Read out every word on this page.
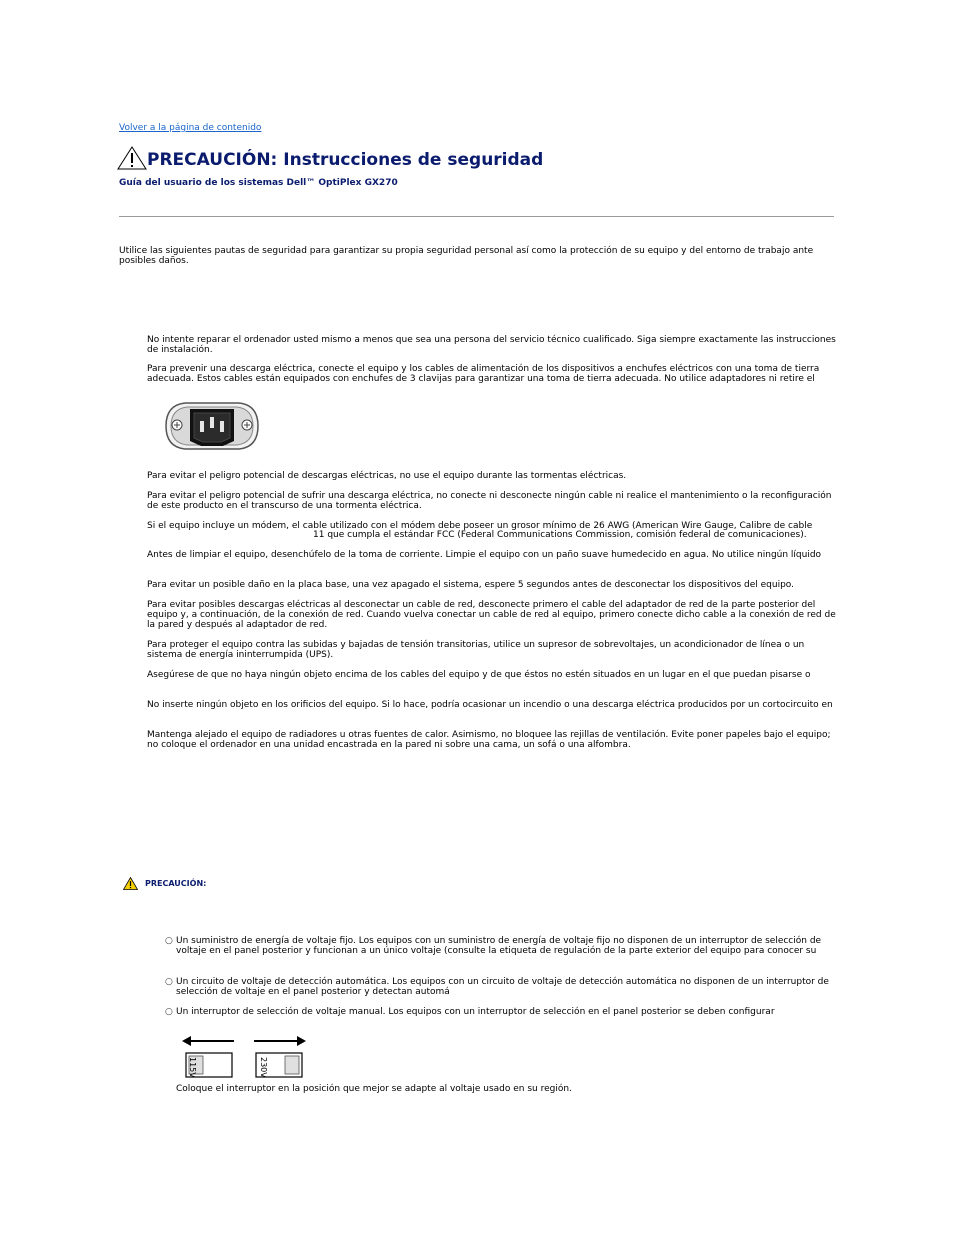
Volver a la página de contenido
PRECAUCIÓN: Instrucciones de seguridad
Guía del usuario de los sistemas Dell™ OptiPlex GX270
Utilice las siguientes pautas de seguridad para garantizar su propia seguridad personal así como la protección de su equipo y del entorno de trabajo ante
posibles daños.
No intente reparar el ordenador usted mismo a menos que sea una persona del servicio técnico cualificado. Siga siempre exactamente las instrucciones
de instalación.
Para prevenir una descarga eléctrica, conecte el equipo y los cables de alimentación de los dispositivos a enchufes eléctricos con una toma de tierra
adecuada. Estos cables están equipados con enchufes de 3 clavijas para garantizar una toma de tierra adecuada. No utilice adaptadores ni retire el
Para evitar el peligro potencial de descargas eléctricas, no use el equipo durante las tormentas eléctricas.
Para evitar el peligro potencial de sufrir una descarga eléctrica, no conecte ni desconecte ningún cable ni realice el mantenimiento o la reconfiguración
de este producto en el transcurso de una tormenta eléctrica.
Si el equipo incluye un módem, el cable utilizado con el módem debe poseer un grosor mínimo de 26 AWG (American Wire Gauge, Calibre de cable
11 que cumpla el estándar FCC (Federal Communications Commission, comisión federal de comunicaciones).
Antes de limpiar el equipo, desenchúfelo de la toma de corriente. Limpie el equipo con un paño suave humedecido en agua. No utilice ningún líquido
Para evitar un posible daño en la placa base, una vez apagado el sistema, espere 5 segundos antes de desconectar los dispositivos del equipo.
Para evitar posibles descargas eléctricas al desconectar un cable de red, desconecte primero el cable del adaptador de red de la parte posterior del
equipo y, a continuación, de la conexión de red. Cuando vuelva conectar un cable de red al equipo, primero conecte dicho cable a la conexión de red de
la pared y después al adaptador de red.
Para proteger el equipo contra las subidas y bajadas de tensión transitorias, utilice un supresor de sobrevoltajes, un acondicionador de línea o un
sistema de energía ininterrumpida (UPS).
Asegúrese de que no haya ningún objeto encima de los cables del equipo y de que éstos no estén situados en un lugar en el que puedan pisarse o
No inserte ningún objeto en los orificios del equipo. Si lo hace, podría ocasionar un incendio o una descarga eléctrica producidos por un cortocircuito en
Mantenga alejado el equipo de radiadores u otras fuentes de calor. Asimismo, no bloquee las rejillas de ventilación. Evite poner papeles bajo el equipo;
no coloque el ordenador en una unidad encastrada en la pared ni sobre una cama, un sofá o una alfombra.
PRECAUCIÓN:
○ Un suministro de energía de voltaje fijo. Los equipos con un suministro de energía de voltaje fijo no disponen de un interruptor de selección de
voltaje en el panel posterior y funcionan a un único voltaje (consulte la etiqueta de regulación de la parte exterior del equipo para conocer su
○ Un circuito de voltaje de detección automática. Los equipos con un circuito de voltaje de detección automática no disponen de un interruptor de
selección de voltaje en el panel posterior y detectan automá
○ Un interruptor de selección de voltaje manual. Los equipos con un interruptor de selección en el panel posterior se deben configurar
115V	230V
Coloque el interruptor en la posición que mejor se adapte al voltaje usado en su región.
